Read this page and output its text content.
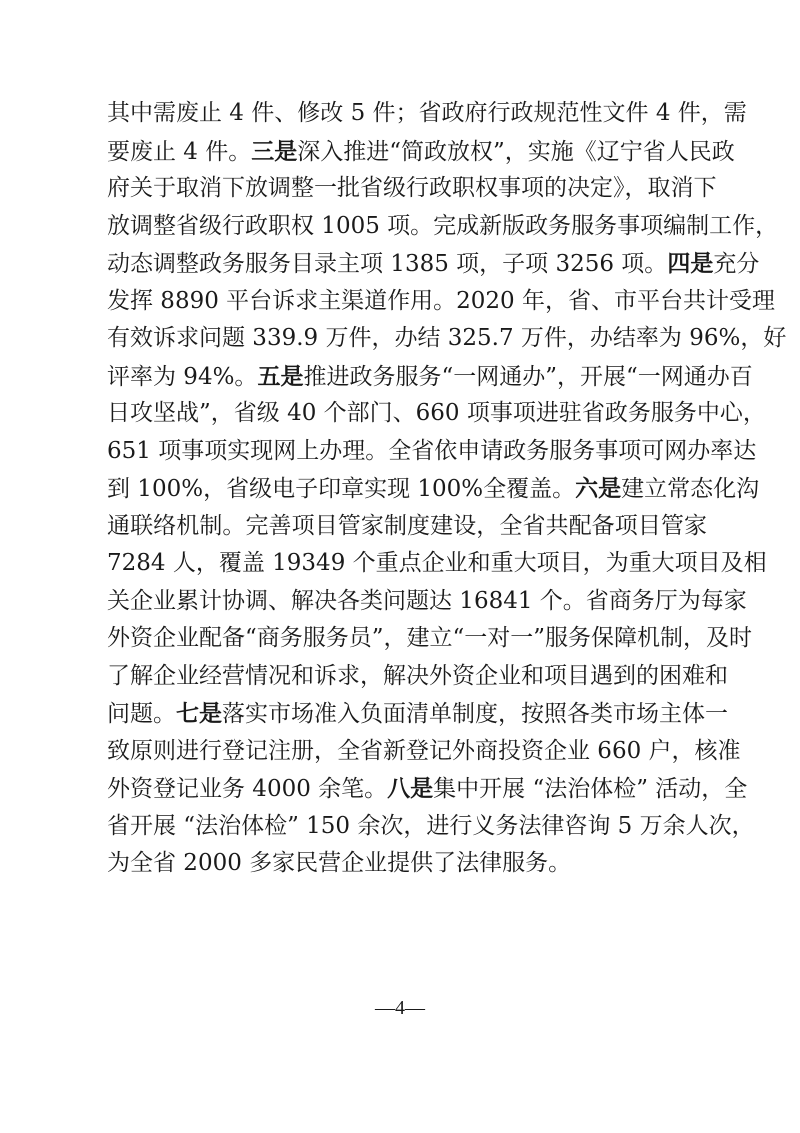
其中需废止 4 件、修改 5 件；省政府行政规范性文件 4 件，需
要废止 4 件。三是深入推进“简政放权”，实施《辽宁省人民政
府关于取消下放调整一批省级行政职权事项的决定》，取消下
放调整省级行政职权 1005 项。完成新版政务服务事项编制工作，
动态调整政务服务目录主项 1385 项，子项 3256 项。四是充分
发挥 8890 平台诉求主渠道作用。2020 年，省、市平台共计受理
有效诉求问题 339.9 万件，办结 325.7 万件，办结率为 96%，好
评率为 94%。五是推进政务服务“一网通办”，开展“一网通办百
日攻坚战”，省级 40 个部门、660 项事项进驻省政务服务中心，
651 项事项实现网上办理。全省依申请政务服务事项可网办率达
到 100%，省级电子印章实现 100%全覆盖。六是建立常态化沟
通联络机制。完善项目管家制度建设，全省共配备项目管家
7284 人，覆盖 19349 个重点企业和重大项目，为重大项目及相
关企业累计协调、解决各类问题达 16841 个。省商务厅为每家
外资企业配备“商务服务员”，建立“一对一”服务保障机制，及时
了解企业经营情况和诉求，解决外资企业和项目遇到的困难和
问题。七是落实市场准入负面清单制度，按照各类市场主体一
致原则进行登记注册，全省新登记外商投资企业 660 户，核准
外资登记业务 4000 余笔。八是集中开展 “法治体检” 活动，全
省开展 “法治体检” 150 余次，进行义务法律咨询 5 万余人次，
为全省 2000 多家民营企业提供了法律服务。
—4—
